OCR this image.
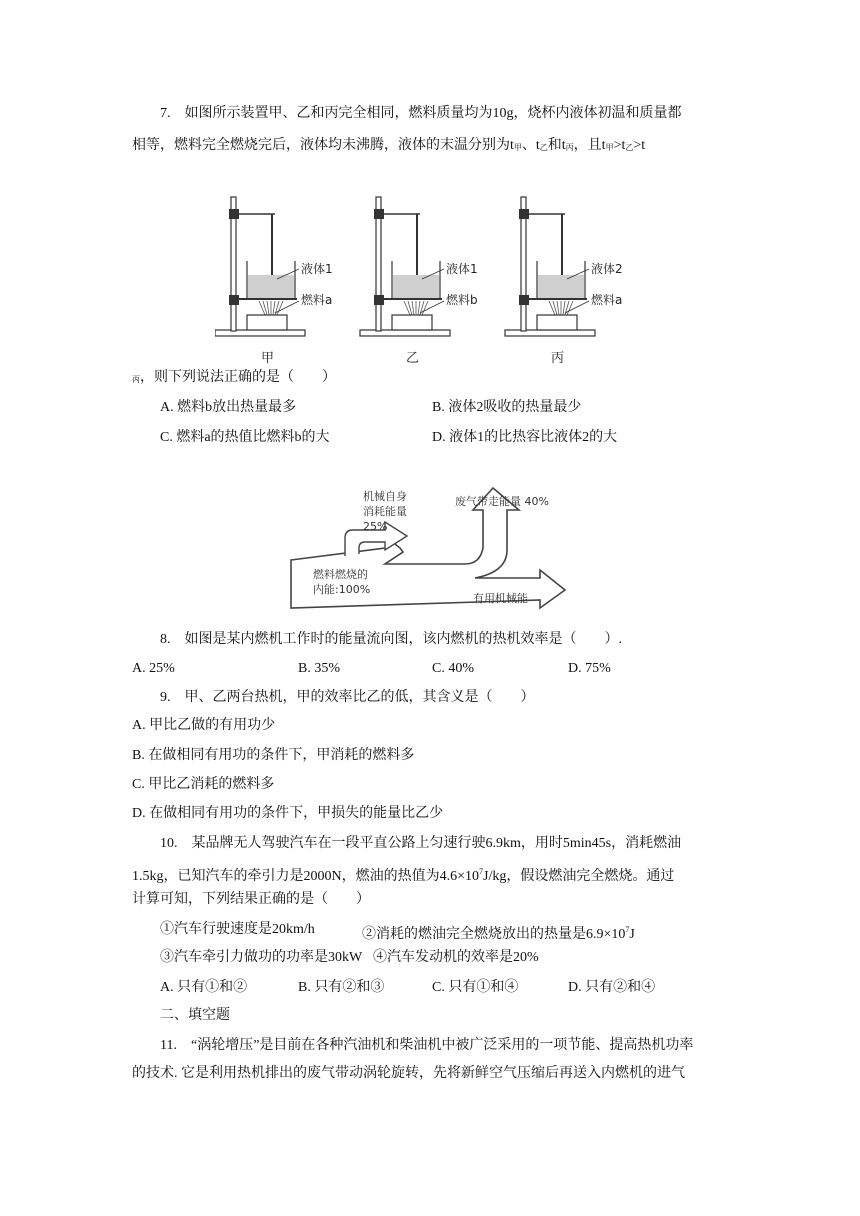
7.　如图所示装置甲、乙和丙完全相同，燃料质量均为10g，烧杯内液体初温和质量都
相等，燃料完全燃烧完后，液体均未沸腾，液体的末温分别为$t_甲$、$t_乙$和$t_丙$，且$t_甲>t_乙>t$
液体1
燃料a
甲
液体1
燃料b
乙
液体2
燃料a
丙
$_丙$，则下列说法正确的是（　　）
A. 燃料b放出热量最多	B. 液体2吸收的热量最少
C. 燃料a的热值比燃料b的大	D. 液体1的比热容比液体2的大
机械自身消耗能量 25%
废气带走能量 40%
燃料燃烧的内能:100%
有用机械能
8.　如图是某内燃机工作时的能量流向图，该内燃机的热机效率是（　　）.
A. 25%	B. 35%	C. 40%	D. 75%
9.　甲、乙两台热机，甲的效率比乙的低，其含义是（　　）
A. 甲比乙做的有用功少
B. 在做相同有用功的条件下，甲消耗的燃料多
C. 甲比乙消耗的燃料多
D. 在做相同有用功的条件下，甲损失的能量比乙少
10.　某品牌无人驾驶汽车在一段平直公路上匀速行驶6.9km，用时5min45s，消耗燃油
1.5kg，已知汽车的牵引力是2000N，燃油的热值为$4.6\times 10^7J/kg$，假设燃油完全燃烧。通过
计算可知，下列结果正确的是（　　）
①汽车行驶速度是20km/h	②消耗的燃油完全燃烧放出的热量是$6.9\times 10^7J$
③汽车牵引力做功的功率是30kW ④汽车发动机的效率是20%
A. 只有①和②	B. 只有②和③	C. 只有①和④	D. 只有②和④
二、填空题
11.　“涡轮增压”是目前在各种汽油机和柴油机中被广泛采用的一项节能、提高热机功率
的技术. 它是利用热机排出的废气带动涡轮旋转，先将新鲜空气压缩后再送入内燃机的进气
